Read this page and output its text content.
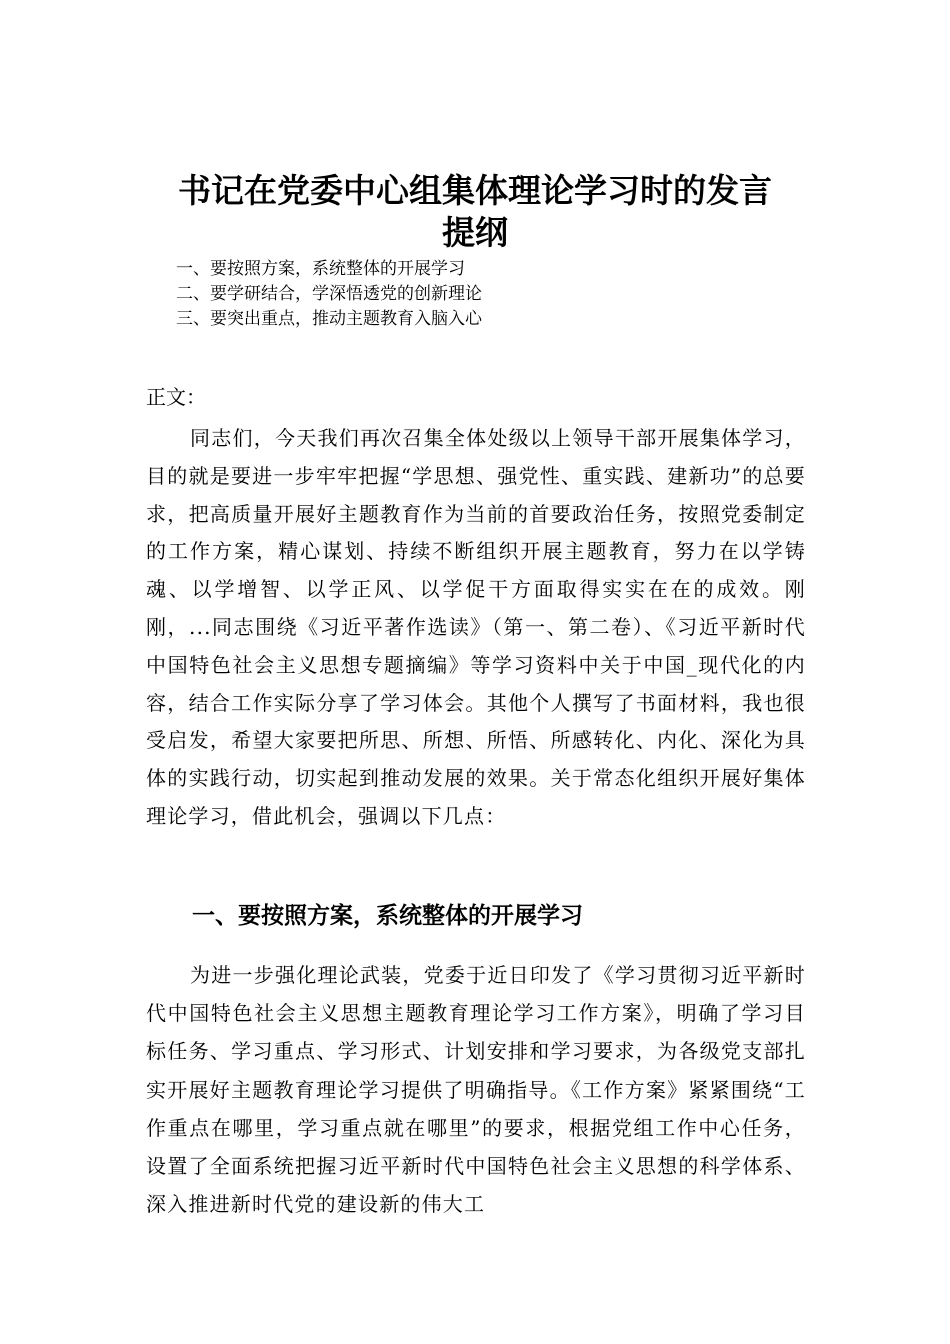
书记在党委中心组集体理论学习时的发言
提纲
一、要按照方案，系统整体的开展学习
二、要学研结合，学深悟透党的创新理论
三、要突出重点，推动主题教育入脑入心
正文：

同志们，今天我们再次召集全体处级以上领导干部开展集体学习，目的就是要进一步牢牢把握“学思想、强党性、重实践、建新功”的总要求，把高质量开展好主题教育作为当前的首要政治任务，按照党委制定的工作方案，精心谋划、持续不断组织开展主题教育，努力在以学铸魂、以学增智、以学正风、以学促干方面取得实实在在的成效。刚刚，...同志围绕《习近平著作选读》（第一、第二卷）、《习近平新时代中国特色社会主义思想专题摘编》等学习资料中关于中国_现代化的内容，结合工作实际分享了学习体会。其他个人撰写了书面材料，我也很受启发，希望大家要把所思、所想、所悟、所感转化、内化、深化为具体的实践行动，切实起到推动发展的效果。关于常态化组织开展好集体理论学习，借此机会，强调以下几点：

一、要按照方案，系统整体的开展学习

为进一步强化理论武装，党委于近日印发了《学习贯彻习近平新时代中国特色社会主义思想主题教育理论学习工作方案》，明确了学习目标任务、学习重点、学习形式、计划安排和学习要求，为各级党支部扎实开展好主题教育理论学习提供了明确指导。《工作方案》紧紧围绕“工作重点在哪里，学习重点就在哪里”的要求，根据党组工作中心任务，设置了全面系统把握习近平新时代中国特色社会主义思想的科学体系、深入推进新时代党的建设新的伟大工
